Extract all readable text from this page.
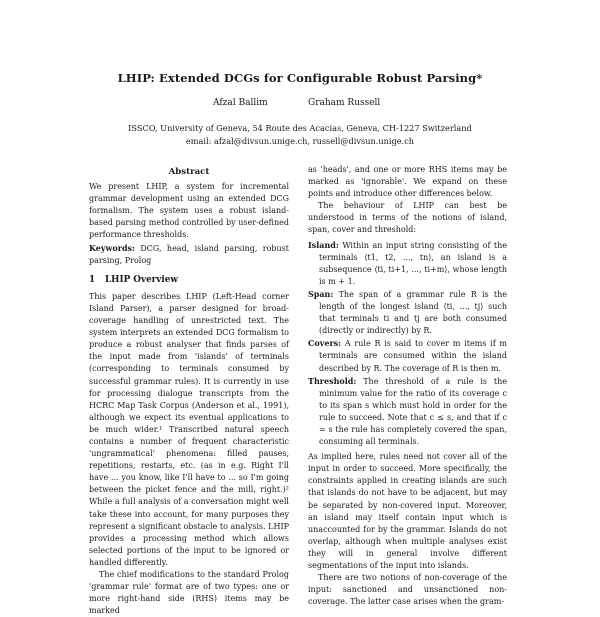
LHIP: Extended DCGs for Configurable Robust Parsing*
Afzal Ballim	Graham Russell
ISSCO, University of Geneva, 54 Route des Acacias, Geneva, CH-1227 Switzerland
email: afzal@divsun.unige.ch, russell@divsun.unige.ch
Abstract

We present LHIP, a system for incremental grammar development using an extended DCG formalism. The system uses a robust island-based parsing method controlled by user-defined performance thresholds.

Keywords: DCG, head, island parsing, robust parsing, Prolog

1 LHIP Overview

This paper describes LHIP (Left-Head corner Island Parser), a parser designed for broad-coverage handling of unrestricted text. The system interprets an extended DCG formalism to produce a robust analyser that finds parses of the input made from 'islands' of terminals (corresponding to terminals consumed by successful grammar rules). It is currently in use for processing dialogue transcripts from the HCRC Map Task Corpus (Anderson et al., 1991), although we expect its eventual applications to be much wider.¹ Transcribed natural speech contains a number of frequent characteristic 'ungrammatical' phenomena: filled pauses, repetitions, restarts, etc. (as in e.g. Right I'll have ... you know, like I'll have to ... so I'm going between the picket fence and the mill, right.)² While a full analysis of a conversation might well take these into account, for many purposes they represent a significant obstacle to analysis. LHIP provides a processing method which allows selected portions of the input to be ignored or handled differently.

The chief modifications to the standard Prolog 'grammar rule' format are of two types: one or more right-hand side (RHS) items may be marked

as 'heads', and one or more RHS items may be marked as 'ignorable'. We expand on these points and introduce other differences below.

The behaviour of LHIP can best be understood in terms of the notions of island, span, cover and threshold:

Island: Within an input string consisting of the terminals ⟨t1, t2, ..., tn⟩, an island is a subsequence ⟨ti, ti+1, ..., ti+m⟩, whose length is m + 1.

Span: The span of a grammar rule R is the length of the longest island ⟨ti, ..., tj⟩ such that terminals ti and tj are both consumed (directly or indirectly) by R.

Covers: A rule R is said to cover m items if m terminals are consumed within the island described by R. The coverage of R is then m.

Threshold: The threshold of a rule is the minimum value for the ratio of its coverage c to its span s which must hold in order for the rule to succeed. Note that c ≤ s, and that if c = s the rule has completely covered the span, consuming all terminals.

As implied here, rules need not cover all of the input in order to succeed. More specifically, the constraints applied in creating islands are such that islands do not have to be adjacent, but may be separated by non-covered input. Moreover, an island may itself contain input which is unaccounted for by the grammar. Islands do not overlap, although when multiple analyses exist they will in general involve different segmentations of the input into islands.

There are two notions of non-coverage of the input: sanctioned and unsanctioned non-coverage. The latter case arises when the gram-
